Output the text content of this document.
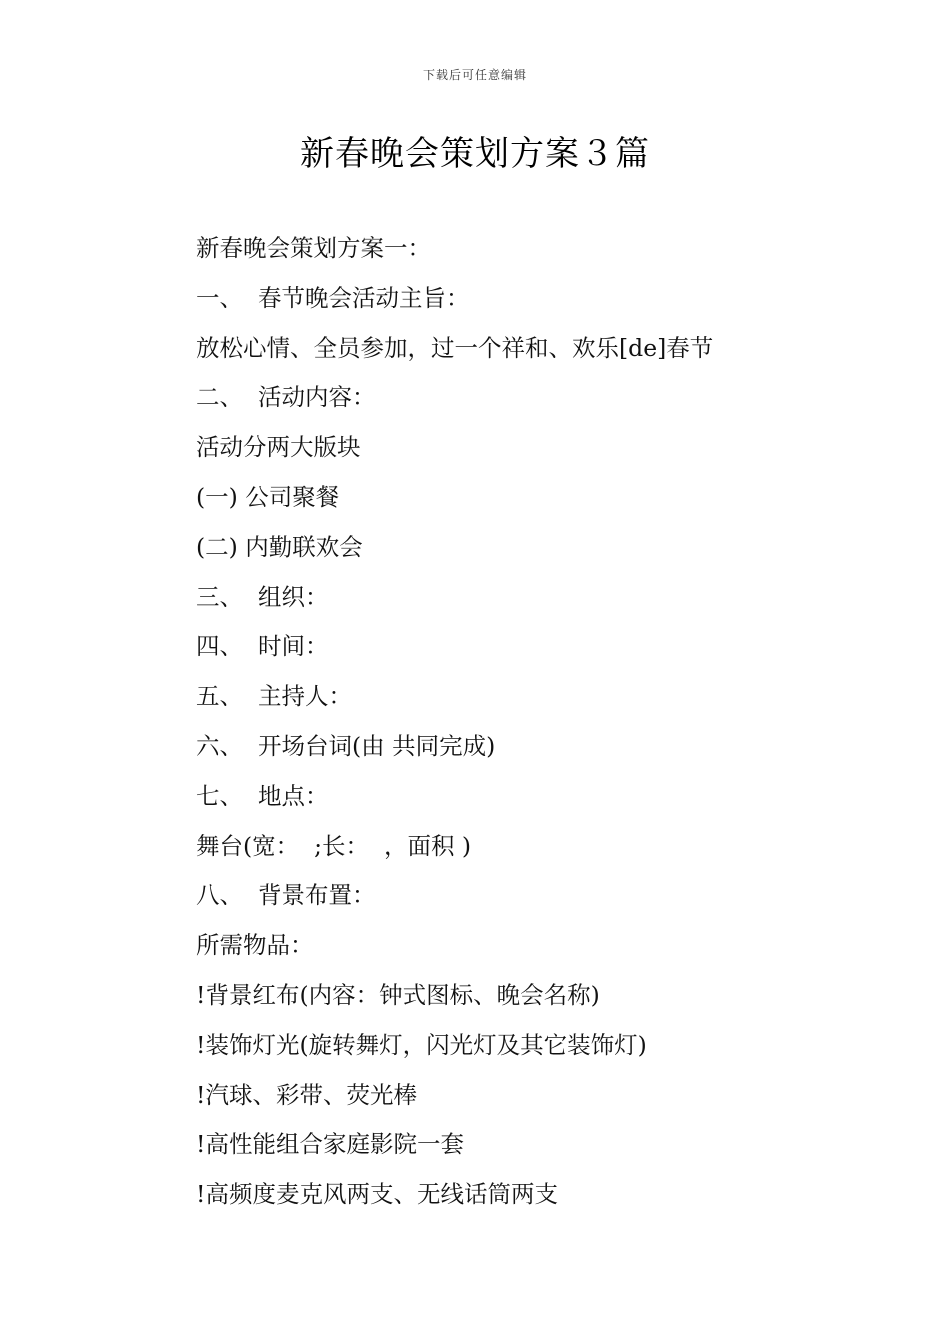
下载后可任意编辑
新春晚会策划方案３篇
新春晚会策划方案一：
一、  春节晚会活动主旨：
放松心情、全员参加，过一个祥和、欢乐[de]春节
二、  活动内容：
活动分两大版块
(一) 公司聚餐
(二) 内勤联欢会
三、  组织：
四、  时间：
五、  主持人：
六、  开场台词(由 共同完成)
七、  地点：
舞台(宽：  ;长：  ，面积 )
八、  背景布置：
所需物品：
!背景红布(内容：钟式图标、晚会名称)
!装饰灯光(旋转舞灯，闪光灯及其它装饰灯)
!汽球、彩带、荧光棒
!高性能组合家庭影院一套
!高频度麦克风两支、无线话筒两支
